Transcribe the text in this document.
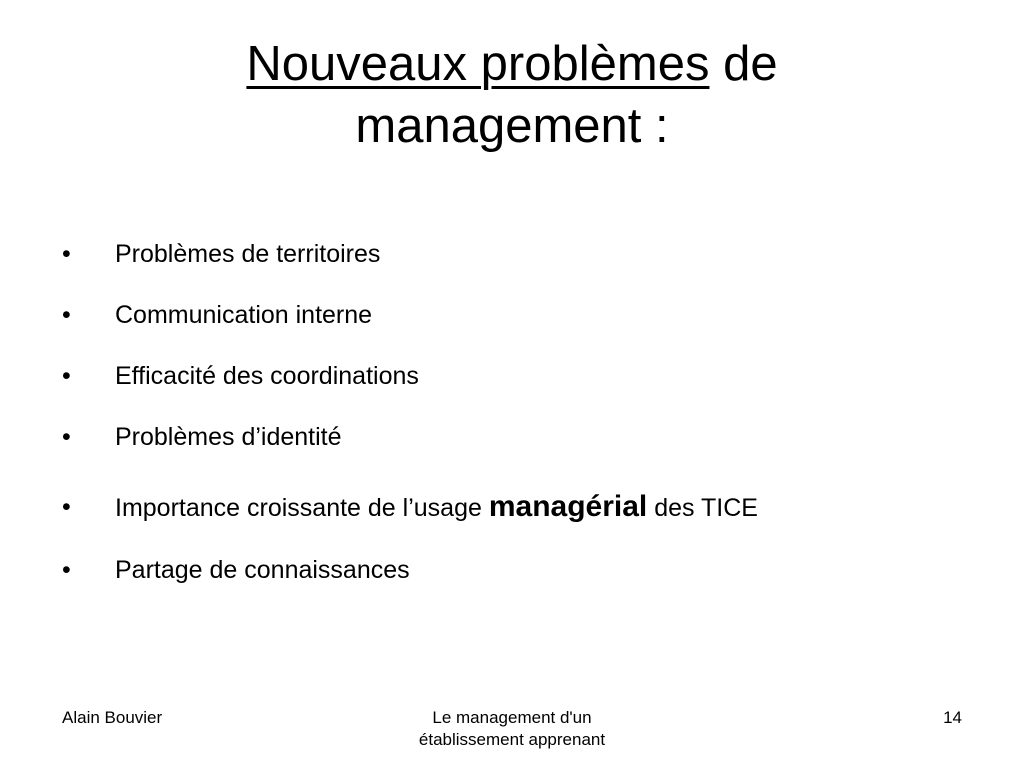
Nouveaux problèmes de
management :
• Problèmes de territoires
• Communication interne
• Efficacité des coordinations
• Problèmes d’identité
• Importance croissante de l’usage managérial des TICE
• Partage de connaissances
Alain Bouvier	Le management d'un
établissement apprenant
14
